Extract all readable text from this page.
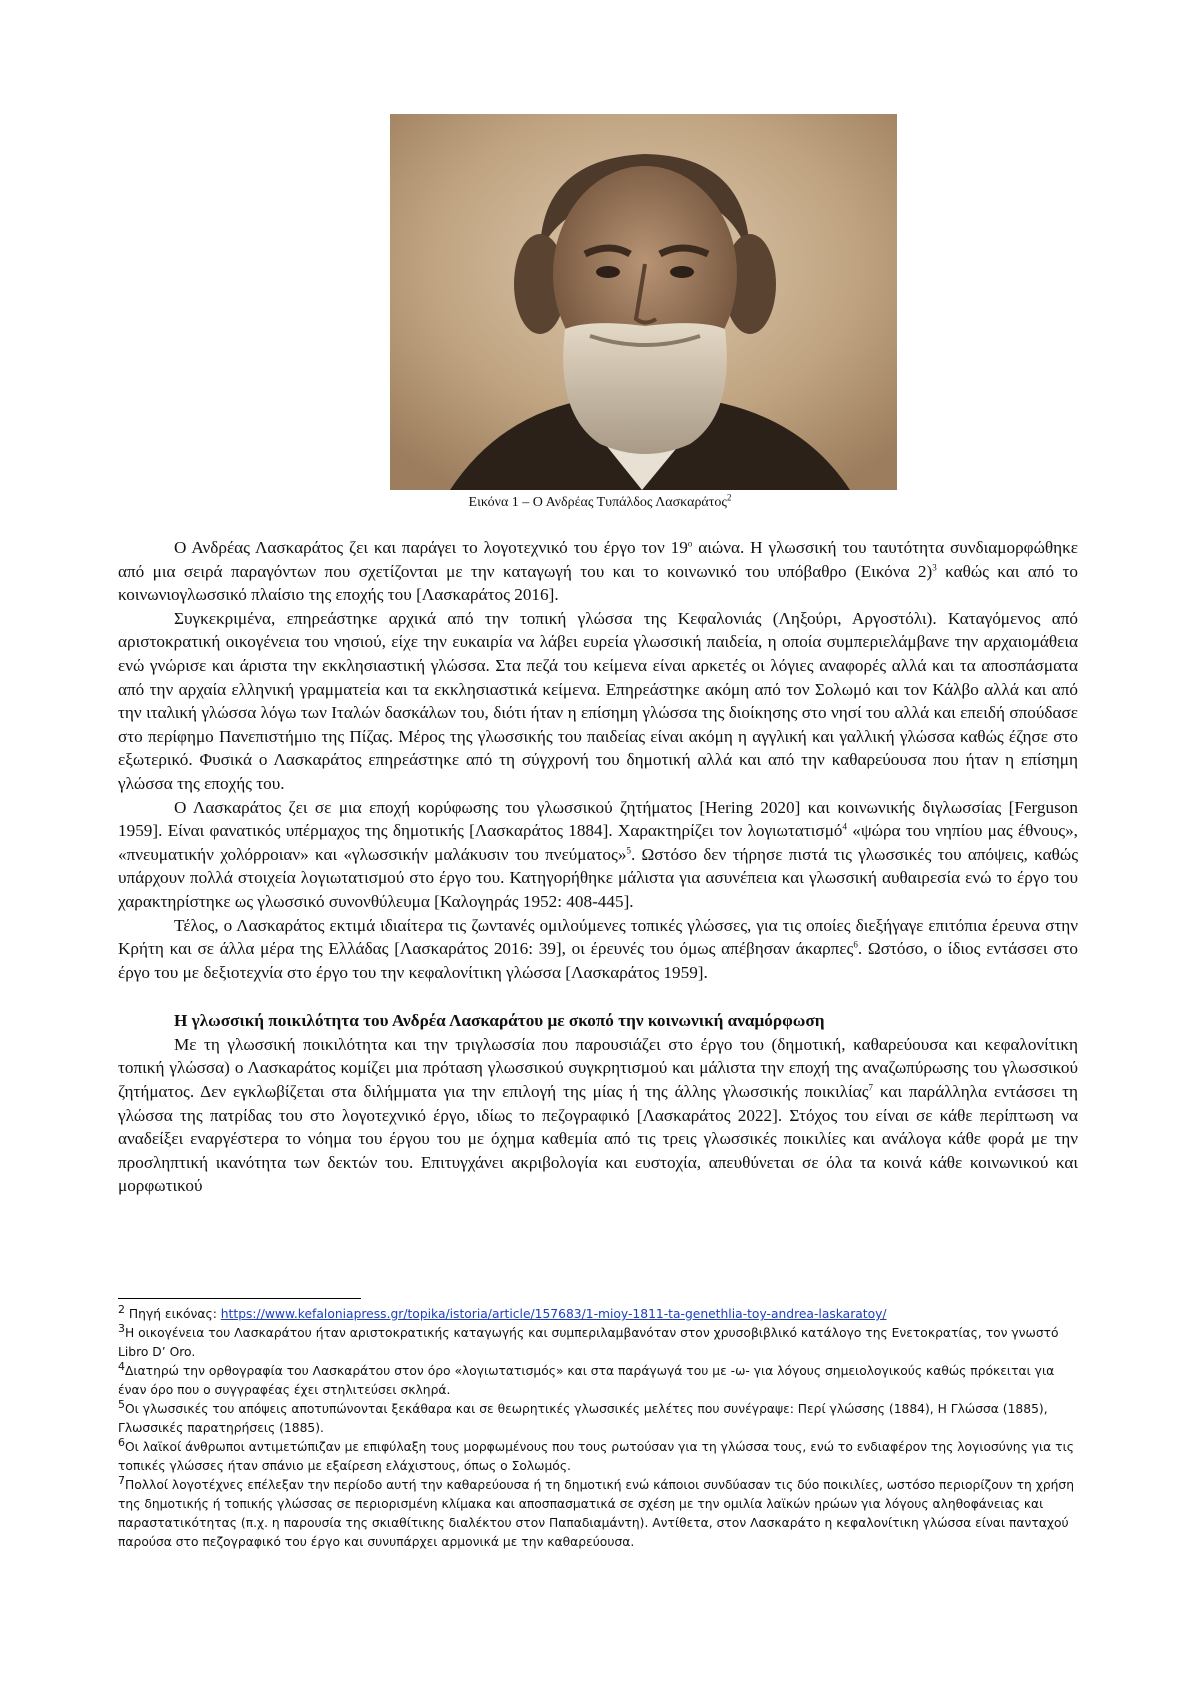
Εικόνα 1 – Ο Ανδρέας Τυπάλδος Λασκαράτος$^2$

Ο Ανδρέας Λασκαράτος ζει και παράγει το λογοτεχνικό του έργο τον $19^o$ αιώνα. Η γλωσσική του ταυτότητα συνδιαμορφώθηκε από μια σειρά παραγόντων που σχετίζονται με την καταγωγή του και το κοινωνικό του υπόβαθρο (Εικόνα 2)$^3$ καθώς και από το κοινωνιογλωσσικό πλαίσιο της εποχής του [Λασκαράτος 2016].

Συγκεκριμένα, επηρεάστηκε αρχικά από την τοπική γλώσσα της Κεφαλονιάς (Ληξούρι, Αργοστόλι). Καταγόμενος από αριστοκρατική οικογένεια του νησιού, είχε την ευκαιρία να λάβει ευρεία γλωσσική παιδεία, η οποία συμπεριελάμβανε την αρχαιομάθεια ενώ γνώρισε και άριστα την εκκλησιαστική γλώσσα. Στα πεζά του κείμενα είναι αρκετές οι λόγιες αναφορές αλλά και τα αποσπάσματα από την αρχαία ελληνική γραμματεία και τα εκκλησιαστικά κείμενα. Επηρεάστηκε ακόμη από τον Σολωμό και τον Κάλβο αλλά και από την ιταλική γλώσσα λόγω των Ιταλών δασκάλων του, διότι ήταν η επίσημη γλώσσα της διοίκησης στο νησί του αλλά και επειδή σπούδασε στο περίφημο Πανεπιστήμιο της Πίζας. Μέρος της γλωσσικής του παιδείας είναι ακόμη η αγγλική και γαλλική γλώσσα καθώς έζησε στο εξωτερικό. Φυσικά ο Λασκαράτος επηρεάστηκε από τη σύγχρονή του δημοτική αλλά και από την καθαρεύουσα που ήταν η επίσημη γλώσσα της εποχής του.

Ο Λασκαράτος ζει σε μια εποχή κορύφωσης του γλωσσικού ζητήματος [Hering 2020] και κοινωνικής διγλωσσίας [Ferguson 1959]. Είναι φανατικός υπέρμαχος της δημοτικής [Λασκαράτος 1884]. Χαρακτηρίζει τον λογιωτατισμό$^4$ «ψώρα του νηπίου μας έθνους», «πνευματικήν χολόρροιαν» και «γλωσσικήν μαλάκυσιν του πνεύματος»$^5$. Ωστόσο δεν τήρησε πιστά τις γλωσσικές του απόψεις, καθώς υπάρχουν πολλά στοιχεία λογιωτατισμού στο έργο του. Κατηγορήθηκε μάλιστα για ασυνέπεια και γλωσσική αυθαιρεσία ενώ το έργο του χαρακτηρίστηκε ως γλωσσικό συνονθύλευμα [Καλογηράς 1952: 408-445].

Τέλος, ο Λασκαράτος εκτιμά ιδιαίτερα τις ζωντανές ομιλούμενες τοπικές γλώσσες, για τις οποίες διεξήγαγε επιτόπια έρευνα στην Κρήτη και σε άλλα μέρα της Ελλάδας [Λασκαράτος 2016: 39], οι έρευνές του όμως απέβησαν άκαρπες$^6$. Ωστόσο, ο ίδιος εντάσσει στο έργο του με δεξιοτεχνία στο έργο του την κεφαλονίτικη γλώσσα [Λασκαράτος 1959].

Η γλωσσική ποικιλότητα του Ανδρέα Λασκαράτου με σκοπό την κοινωνική αναμόρφωση

Με τη γλωσσική ποικιλότητα και την τριγλωσσία που παρουσιάζει στο έργο του (δημοτική, καθαρεύουσα και κεφαλονίτικη τοπική γλώσσα) ο Λασκαράτος κομίζει μια πρόταση γλωσσικού συγκρητισμού και μάλιστα την εποχή της αναζωπύρωσης του γλωσσικού ζητήματος. Δεν εγκλωβίζεται στα διλήμματα για την επιλογή της μίας ή της άλλης γλωσσικής ποικιλίας$^7$ και παράλληλα εντάσσει τη γλώσσα της πατρίδας του στο λογοτεχνικό έργο, ιδίως το πεζογραφικό [Λασκαράτος 2022]. Στόχος του είναι σε κάθε περίπτωση να αναδείξει εναργέστερα το νόημα του έργου του με όχημα καθεμία από τις τρεις γλωσσικές ποικιλίες και ανάλογα κάθε φορά με την προσληπτική ικανότητα των δεκτών του. Επιτυγχάνει ακριβολογία και ευστοχία, απευθύνεται σε όλα τα κοινά κάθε κοινωνικού και μορφωτικού

$^2$ Πηγή εικόνας: https://www.kefaloniapress.gr/topika/istoria/article/157683/1-mioy-1811-ta-genethlia-toy-andrea-laskaratoy/
$^3$Η οικογένεια του Λασκαράτου ήταν αριστοκρατικής καταγωγής και συμπεριλαμβανόταν στον χρυσοβιβλικό κατάλογο της Ενετοκρατίας, τον γνωστό Libro D’ Oro.
$^4$Διατηρώ την ορθογραφία του Λασκαράτου στον όρο «λογιωτατισμός» και στα παράγωγά του με -ω- για λόγους σημειολογικούς καθώς πρόκειται για έναν όρο που ο συγγραφέας έχει στηλιτεύσει σκληρά.
$^5$Οι γλωσσικές του απόψεις αποτυπώνονται ξεκάθαρα και σε θεωρητικές γλωσσικές μελέτες που συνέγραψε: Περί γλώσσης (1884), Η Γλώσσα (1885), Γλωσσικές παρατηρήσεις (1885).
$^6$Οι λαϊκοί άνθρωποι αντιμετώπιζαν με επιφύλαξη τους μορφωμένους που τους ρωτούσαν για τη γλώσσα τους, ενώ το ενδιαφέρον της λογιοσύνης για τις τοπικές γλώσσες ήταν σπάνιο με εξαίρεση ελάχιστους, όπως ο Σολωμός.
$^7$Πολλοί λογοτέχνες επέλεξαν την περίοδο αυτή την καθαρεύουσα ή τη δημοτική ενώ κάποιοι συνδύασαν τις δύο ποικιλίες, ωστόσο περιορίζουν τη χρήση της δημοτικής ή τοπικής γλώσσας σε περιορισμένη κλίμακα και αποσπασματικά σε σχέση με την ομιλία λαϊκών ηρώων για λόγους αληθοφάνειας και παραστατικότητας (π.χ. η παρουσία της σκιαθίτικης διαλέκτου στον Παπαδιαμάντη). Αντίθετα, στον Λασκαράτο η κεφαλονίτικη γλώσσα είναι πανταχού παρούσα στο πεζογραφικό του έργο και συνυπάρχει αρμονικά με την καθαρεύουσα.
